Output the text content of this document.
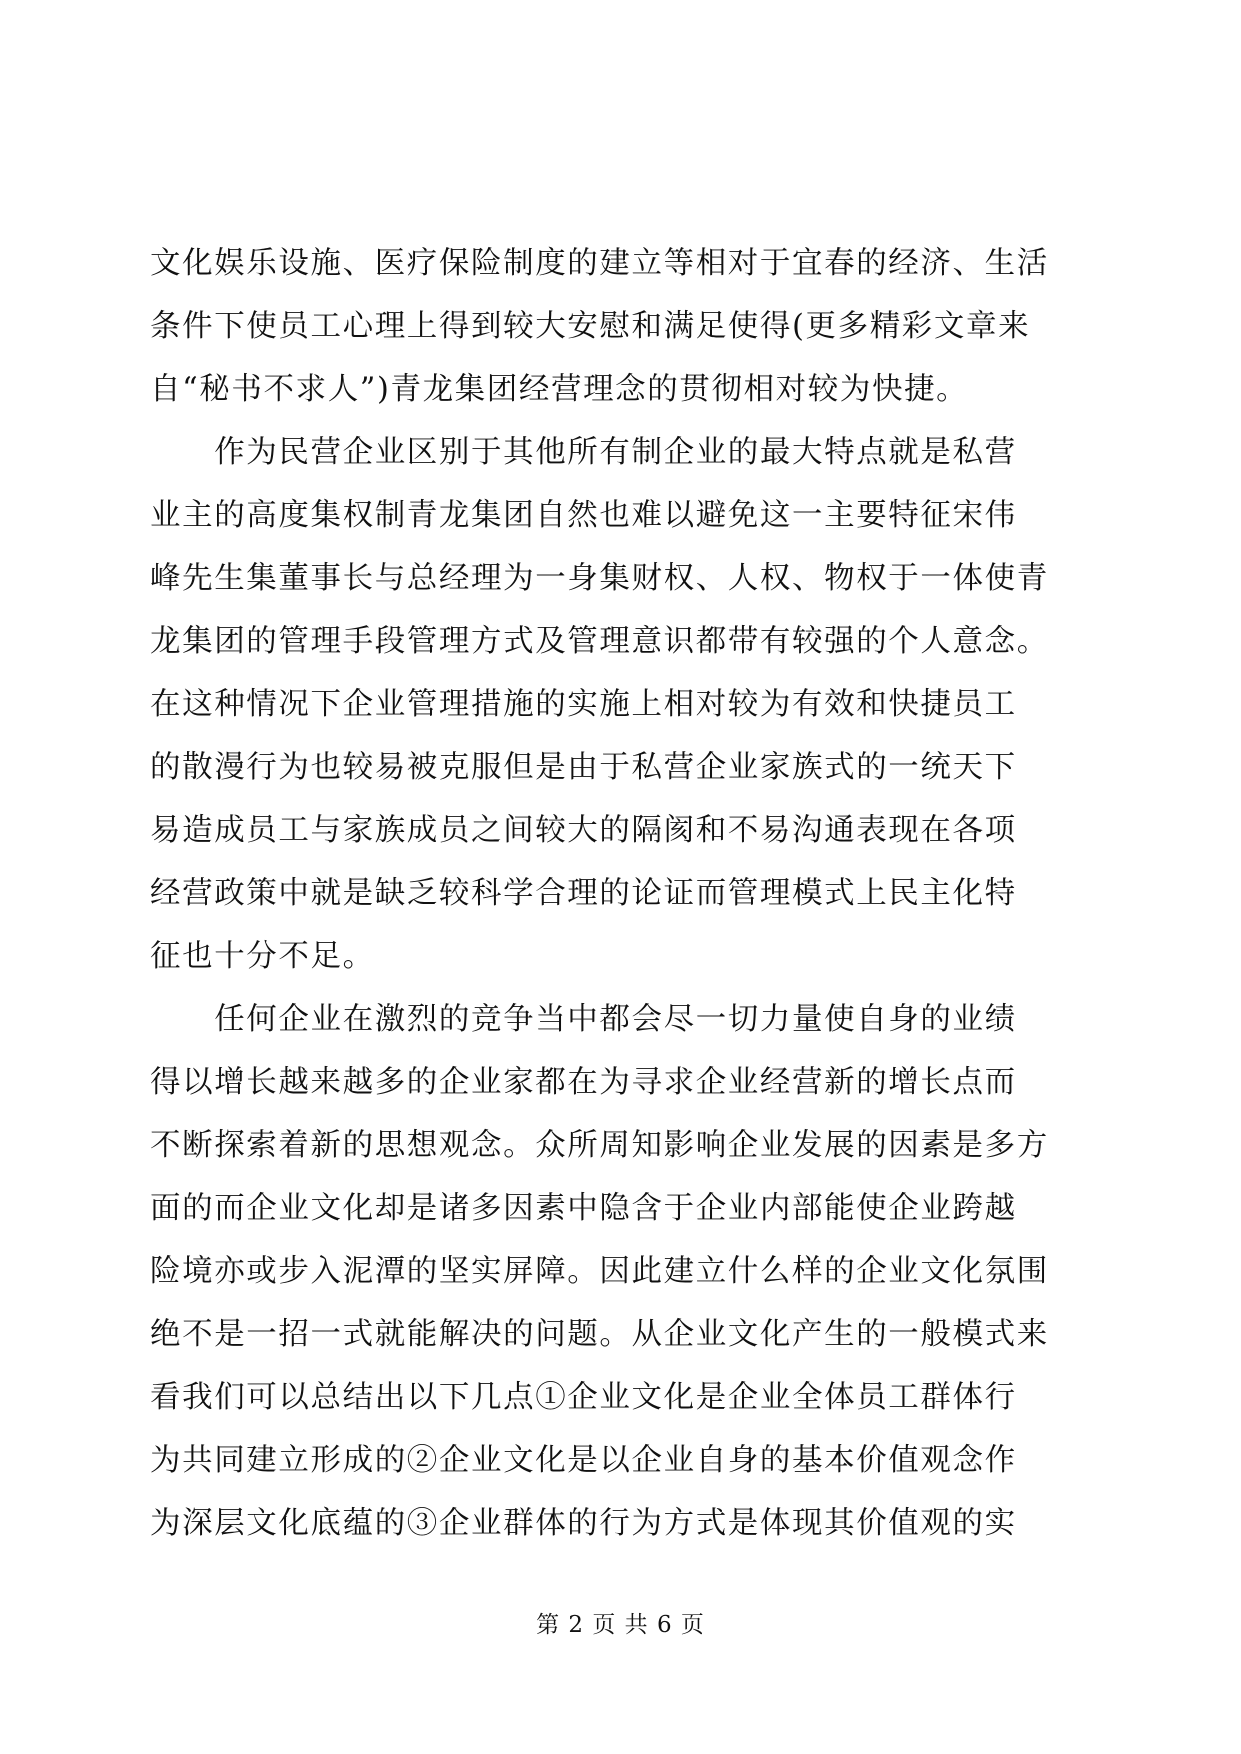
文化娱乐设施、医疗保险制度的建立等相对于宜春的经济、生活
条件下使员工心理上得到较大安慰和满足使得(更多精彩文章来
自“秘书不求人”)青龙集团经营理念的贯彻相对较为快捷。
　　作为民营企业区别于其他所有制企业的最大特点就是私营
业主的高度集权制青龙集团自然也难以避免这一主要特征宋伟
峰先生集董事长与总经理为一身集财权、人权、物权于一体使青
龙集团的管理手段管理方式及管理意识都带有较强的个人意念。
在这种情况下企业管理措施的实施上相对较为有效和快捷员工
的散漫行为也较易被克服但是由于私营企业家族式的一统天下
易造成员工与家族成员之间较大的隔阂和不易沟通表现在各项
经营政策中就是缺乏较科学合理的论证而管理模式上民主化特
征也十分不足。
　　任何企业在激烈的竞争当中都会尽一切力量使自身的业绩
得以增长越来越多的企业家都在为寻求企业经营新的增长点而
不断探索着新的思想观念。众所周知影响企业发展的因素是多方
面的而企业文化却是诸多因素中隐含于企业内部能使企业跨越
险境亦或步入泥潭的坚实屏障。因此建立什么样的企业文化氛围
绝不是一招一式就能解决的问题。从企业文化产生的一般模式来
看我们可以总结出以下几点①企业文化是企业全体员工群体行
为共同建立形成的②企业文化是以企业自身的基本价值观念作
为深层文化底蕴的③企业群体的行为方式是体现其价值观的实
第 2 页 共 6 页
